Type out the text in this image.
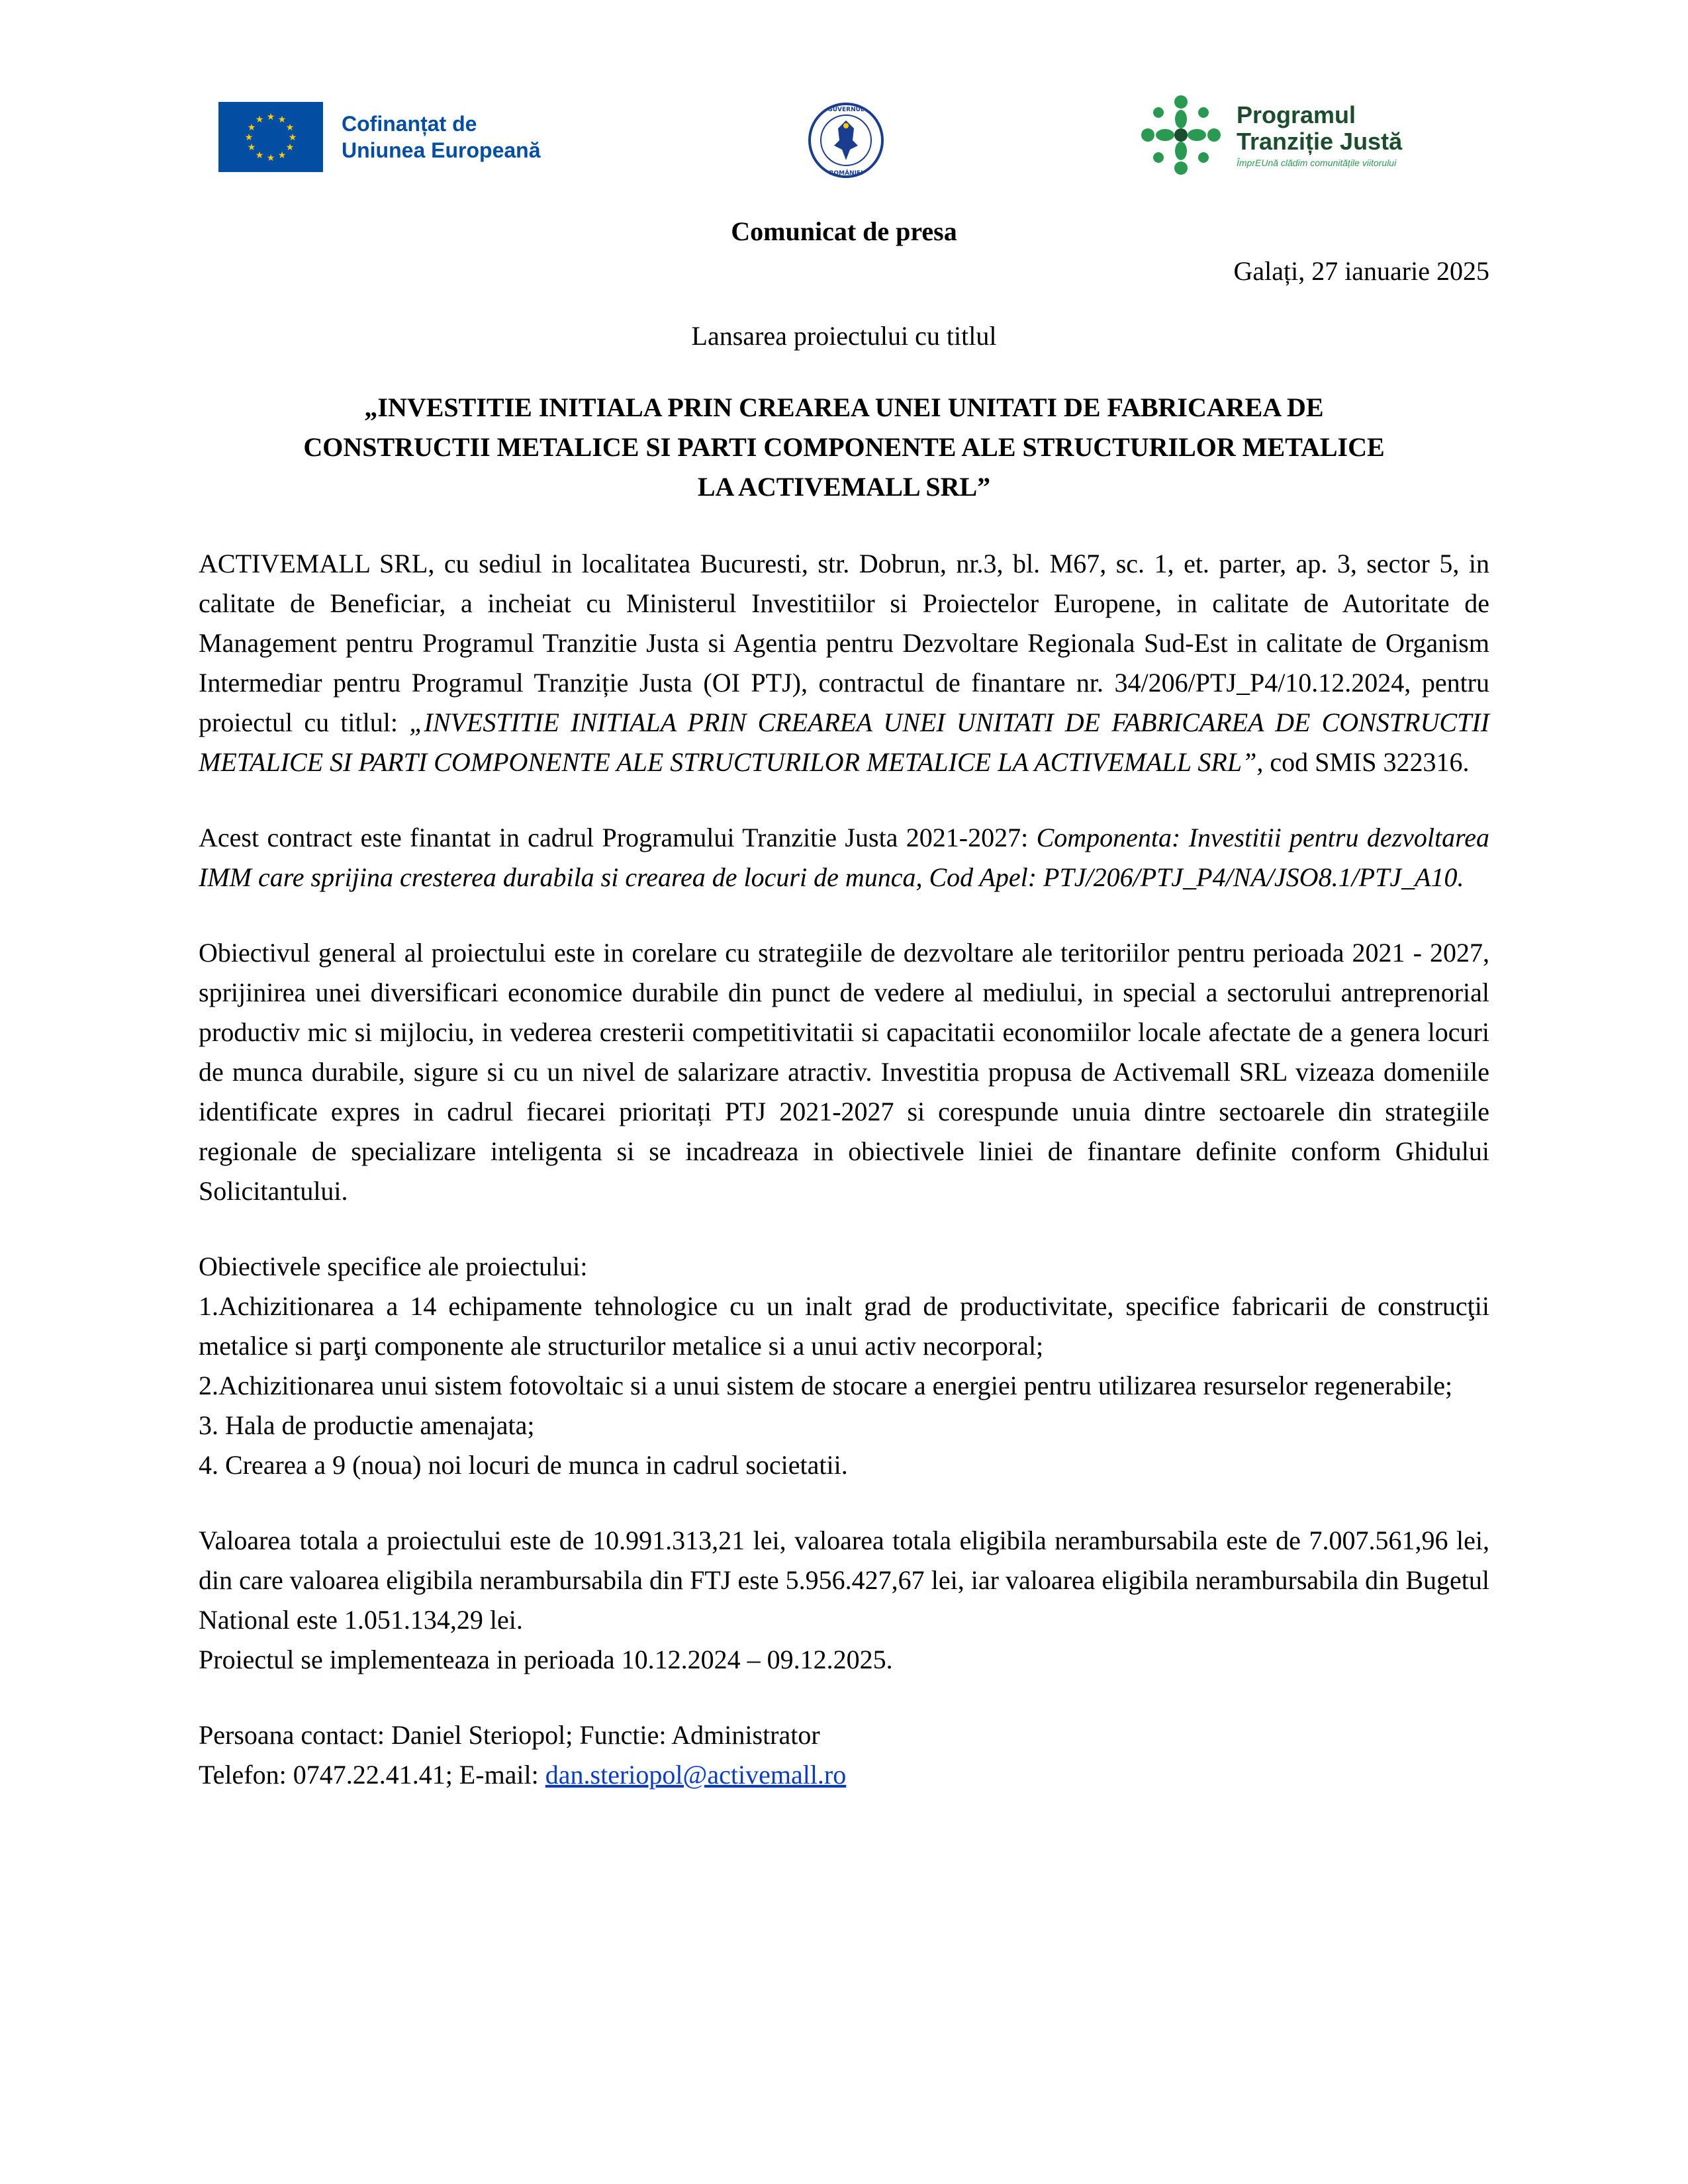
★ ★
★
★
★
★
★
★
★
★
★
★	Cofinanțat de
Uniunea Europeană
GUVERNUL
ROMÂNIEI
Programul
Tranziție Justă
ÎmprEUnă clădim comunitățile viitorului

Comunicat de presa

Galați, 27 ianuarie 2025

Lansarea proiectului cu titlul

„INVESTITIE INITIALA PRIN CREAREA UNEI UNITATI DE FABRICAREA DE
CONSTRUCTII METALICE SI PARTI COMPONENTE ALE STRUCTURILOR METALICE
LA ACTIVEMALL SRL”

ACTIVEMALL SRL, cu sediul in localitatea Bucuresti, str. Dobrun, nr.3, bl. M67, sc. 1, et. parter, ap. 3, sector 5, in calitate de Beneficiar, a incheiat cu Ministerul Investitiilor si Proiectelor Europene, in calitate de Autoritate de Management pentru Programul Tranzitie Justa si Agentia pentru Dezvoltare Regionala Sud-Est in calitate de Organism Intermediar pentru Programul Tranziție Justa (OI PTJ), contractul de finantare nr. 34/206/PTJ_P4/10.12.2024, pentru proiectul cu titlul: „INVESTITIE INITIALA PRIN CREAREA UNEI UNITATI DE FABRICAREA DE CONSTRUCTII METALICE SI PARTI COMPONENTE ALE STRUCTURILOR METALICE LA ACTIVEMALL SRL”, cod SMIS 322316.

Acest contract este finantat in cadrul Programului Tranzitie Justa 2021-2027: Componenta: Investitii pentru dezvoltarea IMM care sprijina cresterea durabila si crearea de locuri de munca, Cod Apel: PTJ/206/PTJ_P4/NA/JSO8.1/PTJ_A10.

Obiectivul general al proiectului este in corelare cu strategiile de dezvoltare ale teritoriilor pentru perioada 2021 - 2027, sprijinirea unei diversificari economice durabile din punct de vedere al mediului, in special a sectorului antreprenorial productiv mic si mijlociu, in vederea cresterii competitivitatii si capacitatii economiilor locale afectate de a genera locuri de munca durabile, sigure si cu un nivel de salarizare atractiv. Investitia propusa de Activemall SRL vizeaza domeniile identificate expres in cadrul fiecarei prioritați PTJ 2021-2027 si corespunde unuia dintre sectoarele din strategiile regionale de specializare inteligenta si se incadreaza in obiectivele liniei de finantare definite conform Ghidului Solicitantului.

Obiectivele specifice ale proiectului:

1.Achizitionarea a 14 echipamente tehnologice cu un inalt grad de productivitate, specifice fabricarii de construcţii metalice si parţi componente ale structurilor metalice si a unui activ necorporal;

2.Achizitionarea unui sistem fotovoltaic si a unui sistem de stocare a energiei pentru utilizarea resurselor regenerabile;

3. Hala de productie amenajata;

4. Crearea a 9 (noua) noi locuri de munca in cadrul societatii.

Valoarea totala a proiectului este de 10.991.313,21 lei, valoarea totala eligibila nerambursabila este de 7.007.561,96 lei, din care valoarea eligibila nerambursabila din FTJ este 5.956.427,67 lei, iar valoarea eligibila nerambursabila din Bugetul National este 1.051.134,29 lei.

Proiectul se implementeaza in perioada 10.12.2024 – 09.12.2025.

Persoana contact: Daniel Steriopol; Functie: Administrator

Telefon: 0747.22.41.41; E-mail: dan.steriopol@activemall.ro
